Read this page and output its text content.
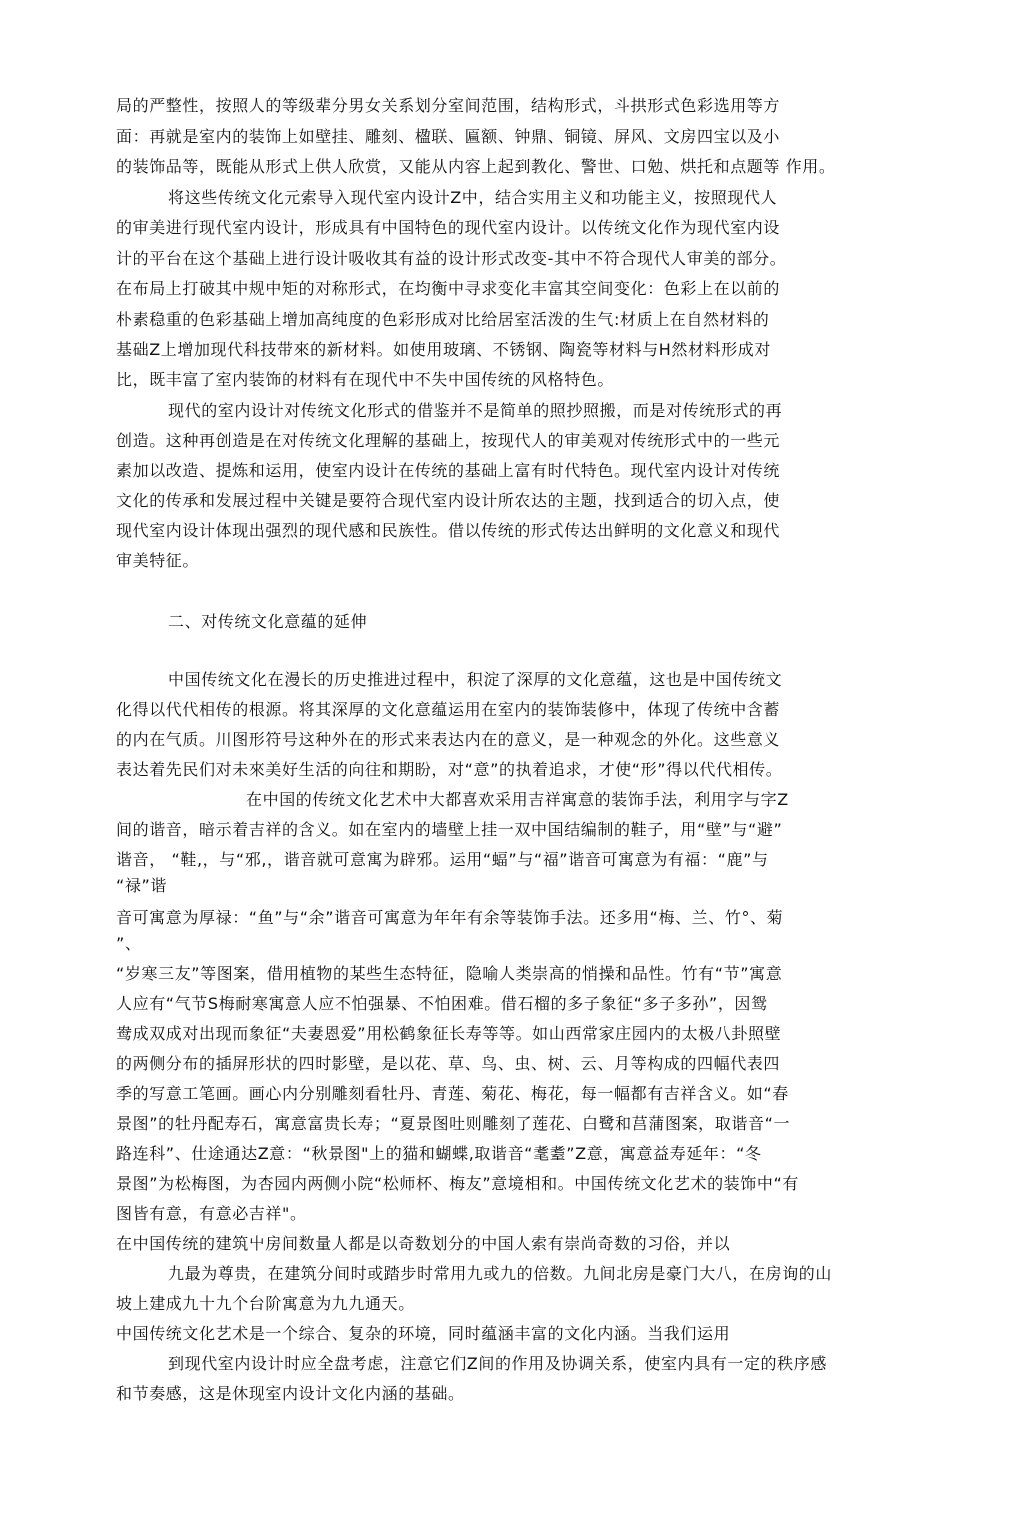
局的严整性，按照人的等级辈分男女关系划分室间范围，结构形式，斗拱形式色彩选用等方
面：再就是室内的装饰上如壁挂、雕刻、楹联、匾额、钟鼎、铜镜、屏风、文房四宝以及小
的装饰品等，既能从形式上供人欣赏，又能从内容上起到教化、警世、口勉、烘托和点题等 作用。
将这些传统文化元索导入现代室内设计Z中，结合实用主义和功能主义，按照现代人
的审美进行现代室内设计，形成具有中国特色的现代室内设计。以传统文化作为现代室内设
计的平台在这个基础上进行设计吸收其有益的设计形式改变-其中不符合现代人审美的部分。
在布局上打破其中规中矩的对称形式，在均衡中寻求变化丰富其空间变化：色彩上在以前的
朴素稳重的色彩基础上增加高纯度的色彩形成对比给居室活泼的生气:材质上在自然材料的
基础Z上增加现代科技带來的新材料。如使用玻璃、不锈钢、陶瓷等材料与H然材料形成对
比，既丰富了室内装饰的材料有在现代中不失中国传统的风格特色。
现代的室内设计对传统文化形式的借鉴并不是简单的照抄照搬，而是对传统形式的再
创造。这种再创造是在对传统文化理解的基础上，按现代人的审美观对传统形式中的一些元
素加以改造、提炼和运用，使室内设计在传统的基础上富有时代特色。现代室内设计对传统
文化的传承和发展过程中关键是要符合现代室内设计所农达的主题，找到适合的切入点，使
现代室内设计体现出强烈的现代感和民族性。借以传统的形式传达出鲜明的文化意义和现代
审美特征。
二、对传统文化意蕴的延伸
中国传统文化在漫长的历史推进过程中，积淀了深厚的文化意蕴，这也是中国传统文
化得以代代相传的根源。将其深厚的文化意蕴运用在室内的装饰装修中，体现了传统中含蓄
的内在气质。川图形符号这种外在的形式来表达内在的意义，是一种观念的外化。这些意义
表达着先民们对未來美好生活的向往和期盼，对“意”的执着追求，才使“形”得以代代相传。
在中国的传统文化艺术中大都喜欢采用吉祥寓意的装饰手法，利用字与字Z
间的谐音，暗示着吉祥的含义。如在室内的墙壁上挂一双中国结编制的鞋子，用“壁”与“避”
谐音， “鞋,，与“邪,，谐音就可意寓为辟邪。运用“蝠”与“福”谐音可寓意为有福：“鹿”与
“禄”谐
音可寓意为厚禄：“鱼”与“余”谐音可寓意为年年有余等装饰手法。还多用“梅、兰、竹°、菊
”、
“岁寒三友”等图案，借用植物的某些生态特征，隐喻人类崇高的悄操和品性。竹有“节”寓意
人应有“气节S梅耐寒寓意人应不怕强暴、不怕困难。借石榴的多子象征“多子多孙”，因鸳
鸯成双成对出现而象征“夫妻恩爱”用松鹤象征长寿等等。如山西常家庄园内的太极八卦照壁
的两侧分布的插屏形状的四时影壁，是以花、草、鸟、虫、树、云、月等构成的四幅代表四
季的写意工笔画。画心内分别雕刻看牡丹、青莲、菊花、梅花，每一幅都有吉祥含义。如“春
景图”的牡丹配寿石，寓意富贵长寿；“夏景图吐则雕刻了莲花、白鹭和莒蒲图案，取谐音“一
路连科”、仕途通达Z意：“秋景图"上的猫和蝴蝶,取谐音“耄耋”Z意，寓意益寿延年：“冬
景图”为松梅图，为杏园内两侧小院“松师杯、梅友”意境相和。中国传统文化艺术的装饰中“有
图皆有意，有意必吉祥"。
在中国传统的建筑屮房间数量人都是以奇数划分的中国人索有崇尚奇数的习俗，并以
九最为尊贵，在建筑分间时或踏步时常用九或九的倍数。九间北房是豪门大八，在房询的山
坡上建成九十九个台阶寓意为九九通天。
中国传统文化艺术是一个综合、复杂的环境，同时蕴涵丰富的文化内涵。当我们运用
到现代室内设计时应全盘考虑，注意它们Z间的作用及协调关系，使室内具有一定的秩序感
和节奏感，这是休现室内设计文化内涵的基础。
